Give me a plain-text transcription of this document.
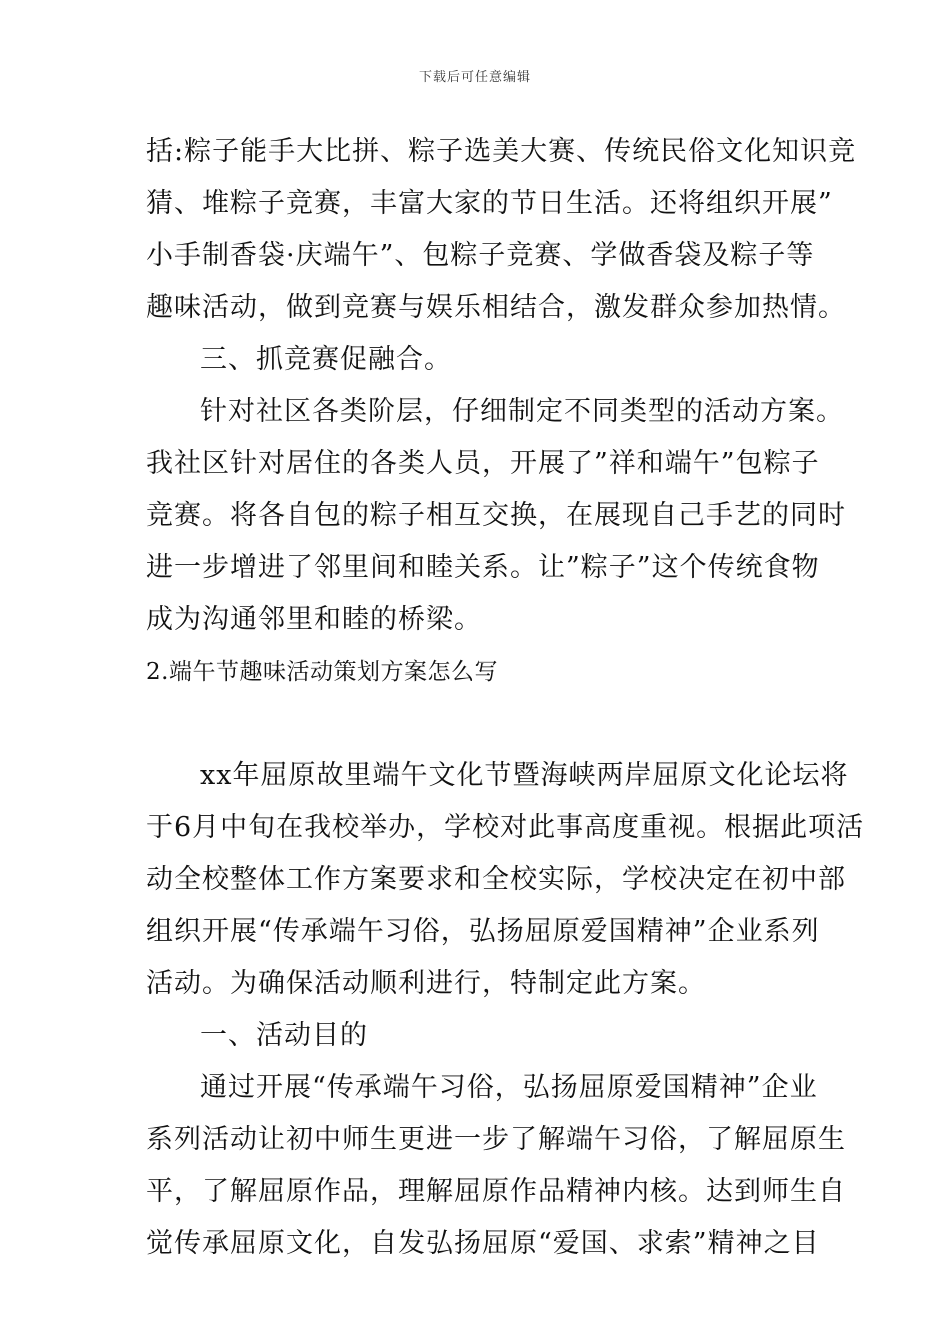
下载后可任意编辑
括:粽子能手大比拼、粽子选美大赛、传统民俗文化知识竞
猜、堆粽子竞赛，丰富大家的节日生活。还将组织开展”
小手制香袋·庆端午”、包粽子竞赛、学做香袋及粽子等
趣味活动，做到竞赛与娱乐相结合，激发群众参加热情。
三、抓竞赛促融合。
针对社区各类阶层，仔细制定不同类型的活动方案。
我社区针对居住的各类人员，开展了”祥和端午”包粽子
竞赛。将各自包的粽子相互交换，在展现自己手艺的同时
进一步增进了邻里间和睦关系。让”粽子”这个传统食物
成为沟通邻里和睦的桥梁。
2.端午节趣味活动策划方案怎么写
xx年屈原故里端午文化节暨海峡两岸屈原文化论坛将
于6月中旬在我校举办，学校对此事高度重视。根据此项活
动全校整体工作方案要求和全校实际，学校决定在初中部
组织开展“传承端午习俗，弘扬屈原爱国精神”企业系列
活动。为确保活动顺利进行，特制定此方案。
一、活动目的
通过开展“传承端午习俗，弘扬屈原爱国精神”企业
系列活动让初中师生更进一步了解端午习俗，了解屈原生
平，了解屈原作品，理解屈原作品精神内核。达到师生自
觉传承屈原文化，自发弘扬屈原“爱国、求索”精神之目
